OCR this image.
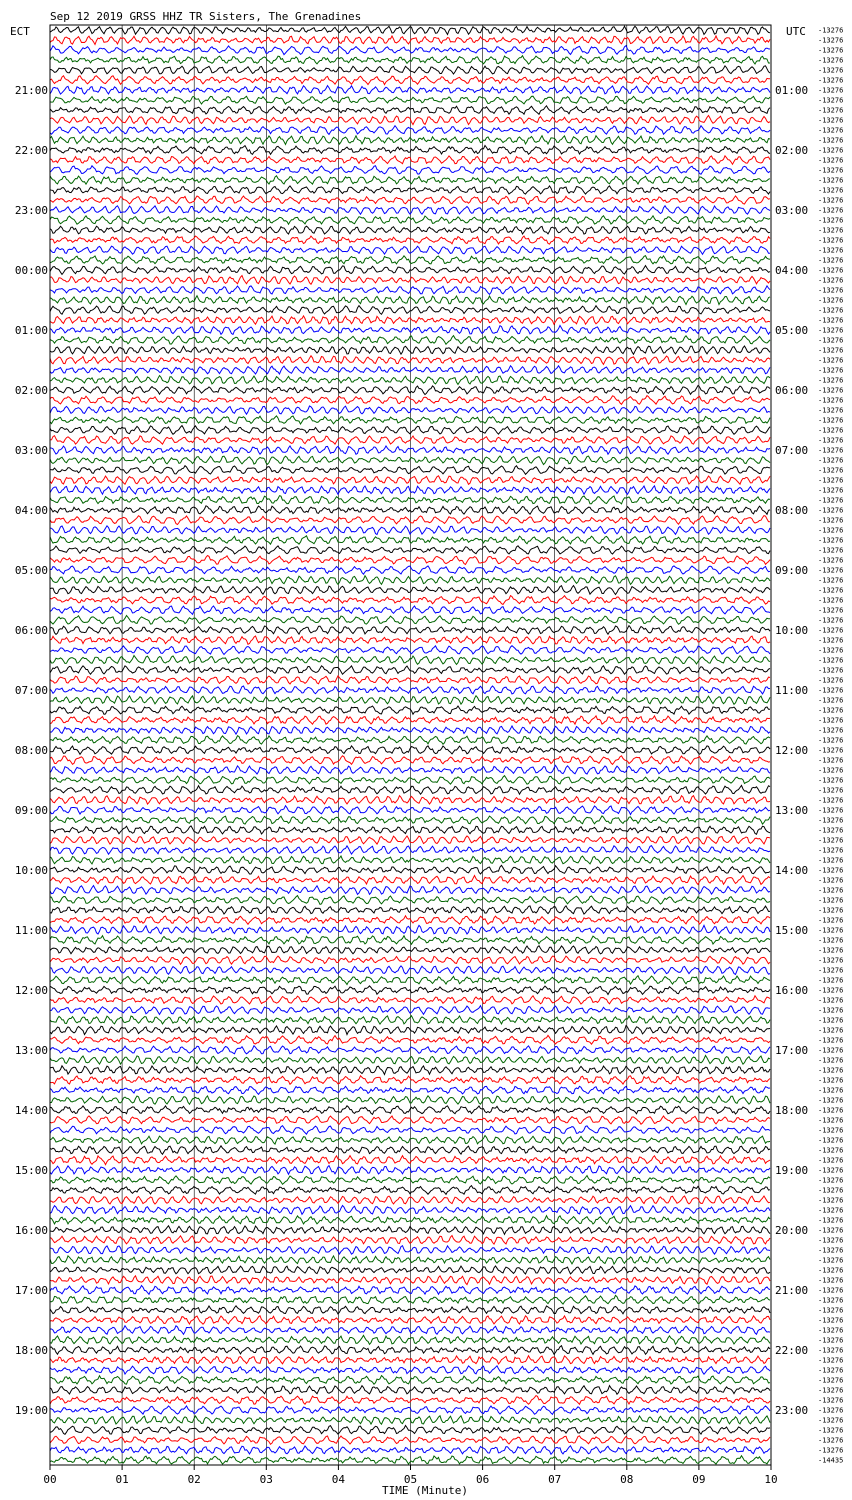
Sep 12 2019 GRSS HHZ TR Sisters, The Grenadines
ECT	UTC
21:00
22:00
23:00
00:00
01:00
02:00
03:00
04:00
05:00
06:00
07:00
08:00
09:00
10:00
11:00
12:00
13:00
14:00
15:00
16:00
17:00
18:00
19:00
01:00
02:00
03:00
04:00
05:00
06:00
07:00
08:00
09:00
10:00
11:00
12:00
13:00
14:00
15:00
16:00
17:00
18:00
19:00
20:00
21:00
22:00
23:00
-13276
-13276
-13276
-13276
-13276
-13276
-13276
-13276
-13276
-13276
-13276
-13276
-13276
-13276
-13276
-13276
-13276
-13276
-13276
-13276
-13276
-13276
-13276
-13276
-13276
-13276
-13276
-13276
-13276
-13276
-13276
-13276
-13276
-13276
-13276
-13276
-13276
-13276
-13276
-13276
-13276
-13276
-13276
-13276
-13276
-13276
-13276
-13276
-13276
-13276
-13276
-13276
-13276
-13276
-13276
-13276
-13276
-13276
-13276
-13276
-13276
-13276
-13276
-13276
-13276
-13276
-13276
-13276
-13276
-13276
-13276
-13276
-13276
-13276
-13276
-13276
-13276
-13276
-13276
-13276
-13276
-13276
-13276
-13276
-13276
-13276
-13276
-13276
-13276
-13276
-13276
-13276
-13276
-13276
-13276
-13276
-13276
-13276
-13276
-13276
-13276
-13276
-13276
-13276
-13276
-13276
-13276
-13276
-13276
-13276
-13276
-13276
-13276
-13276
-13276
-13276
-13276
-13276
-13276
-13276
-13276
-13276
-13276
-13276
-13276
-13276
-13276
-13276
-13276
-13276
-13276
-13276
-13276
-13276
-13276
-13276
-13276
-13276
-13276
-13276
-13276
-13276
-13276
-14435
00	01	02	03	04	05	06	07	08	09	10
TIME (Minute)
